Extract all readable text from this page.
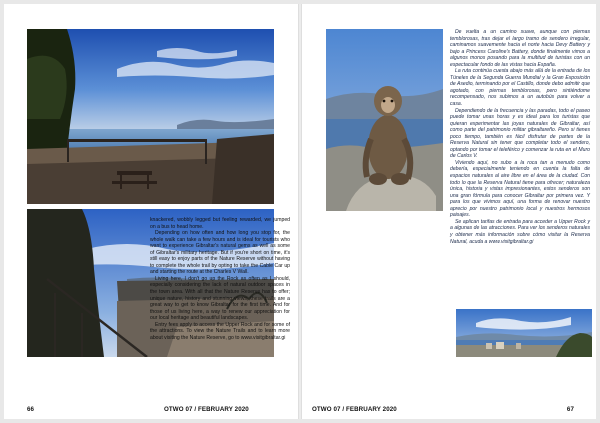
knackered, wobbly legged but feeling rewarded, we jumped on a bus to head home.

Depending on how often and how long you stop for, the whole walk can take a few hours and is ideal for tourists who want to experience Gibraltar's natural gems as well as some of Gibraltar's military heritage. But if you're short on time, it's still easy to enjoy parts of the Nature Reserve without having to complete the whole trail by opting to take the Cable Car up and starting the route at the Charles V Wall.

Living here, I don't go up the Rock as often as I should, especially considering the lack of natural outdoor spaces in the town area. With all that the Nature Reserve has to offer; unique nature, history and stunning views, these trails are a great way to get to know Gibraltar for the first time. And for those of us living here, a way to renew our appreciation for our local heritage and beautiful landscapes.

Entry fees apply to access the Upper Rock and for some of the attractions. To view the Nature Trails and to learn more about visiting the Nature Reserve, go to www.visitgibraltar.gi

66	OTWO 07 / FEBRUARY 2020

De vuelta a un camino suave, aunque con piernas temblorosas, tras dejar el largo tramo de sendero irregular, caminamos suavemente hacia el norte hacia Devy Battery y bajo a Princess Caroline's Battery, donde finalmente vimos a algunos monos posando para la multitud de turistas con un espectacular fondo de las vistas hacia España.

La ruta continúa cuesta abajo más allá de la entrada de los Túneles de la Segunda Guerra Mundial y la Gran Exposición de Asedio, terminando por el Castillo, donde debo admitir que agotado, con piernas temblorosas, pero sintiéndome recompensado, nos subimos a un autobús para volver a casa.

Dependiendo de la frecuencia y las paradas, todo el paseo puede tomar unas horas y es ideal para los turistas que quieran experimentar las joyas naturales de Gibraltar, así como parte del patrimonio militar gibraltareño. Pero si tienes poco tiempo, también es fácil disfrutar de partes de la Reserva Natural sin tener que completar todo el sendero, optando por tomar el teleférico y comenzar la ruta en el Muro de Carlos V.

Viviendo aquí, no subo a la roca tan a menudo como debería, especialmente teniendo en cuenta la falta de espacios naturales al aire libre en el área de la ciudad. Con todo lo que la Reserva Natural tiene para ofrecer; naturaleza única, historia y vistas impresionantes, estos senderos son una gran fórmula para conocer Gibraltar por primera vez. Y para los que vivimos aquí, una forma de renovar nuestro aprecio por nuestro patrimonio local y nuestros hermosos paisajes.

Se aplican tarifas de entrada para acceder a Upper Rock y a algunas de las atracciones. Para ver los senderos naturales y obtener más información sobre cómo visitar la Reserva Natural, acuda a www.visitgibraltar.gi

OTWO 07 / FEBRUARY 2020	67
